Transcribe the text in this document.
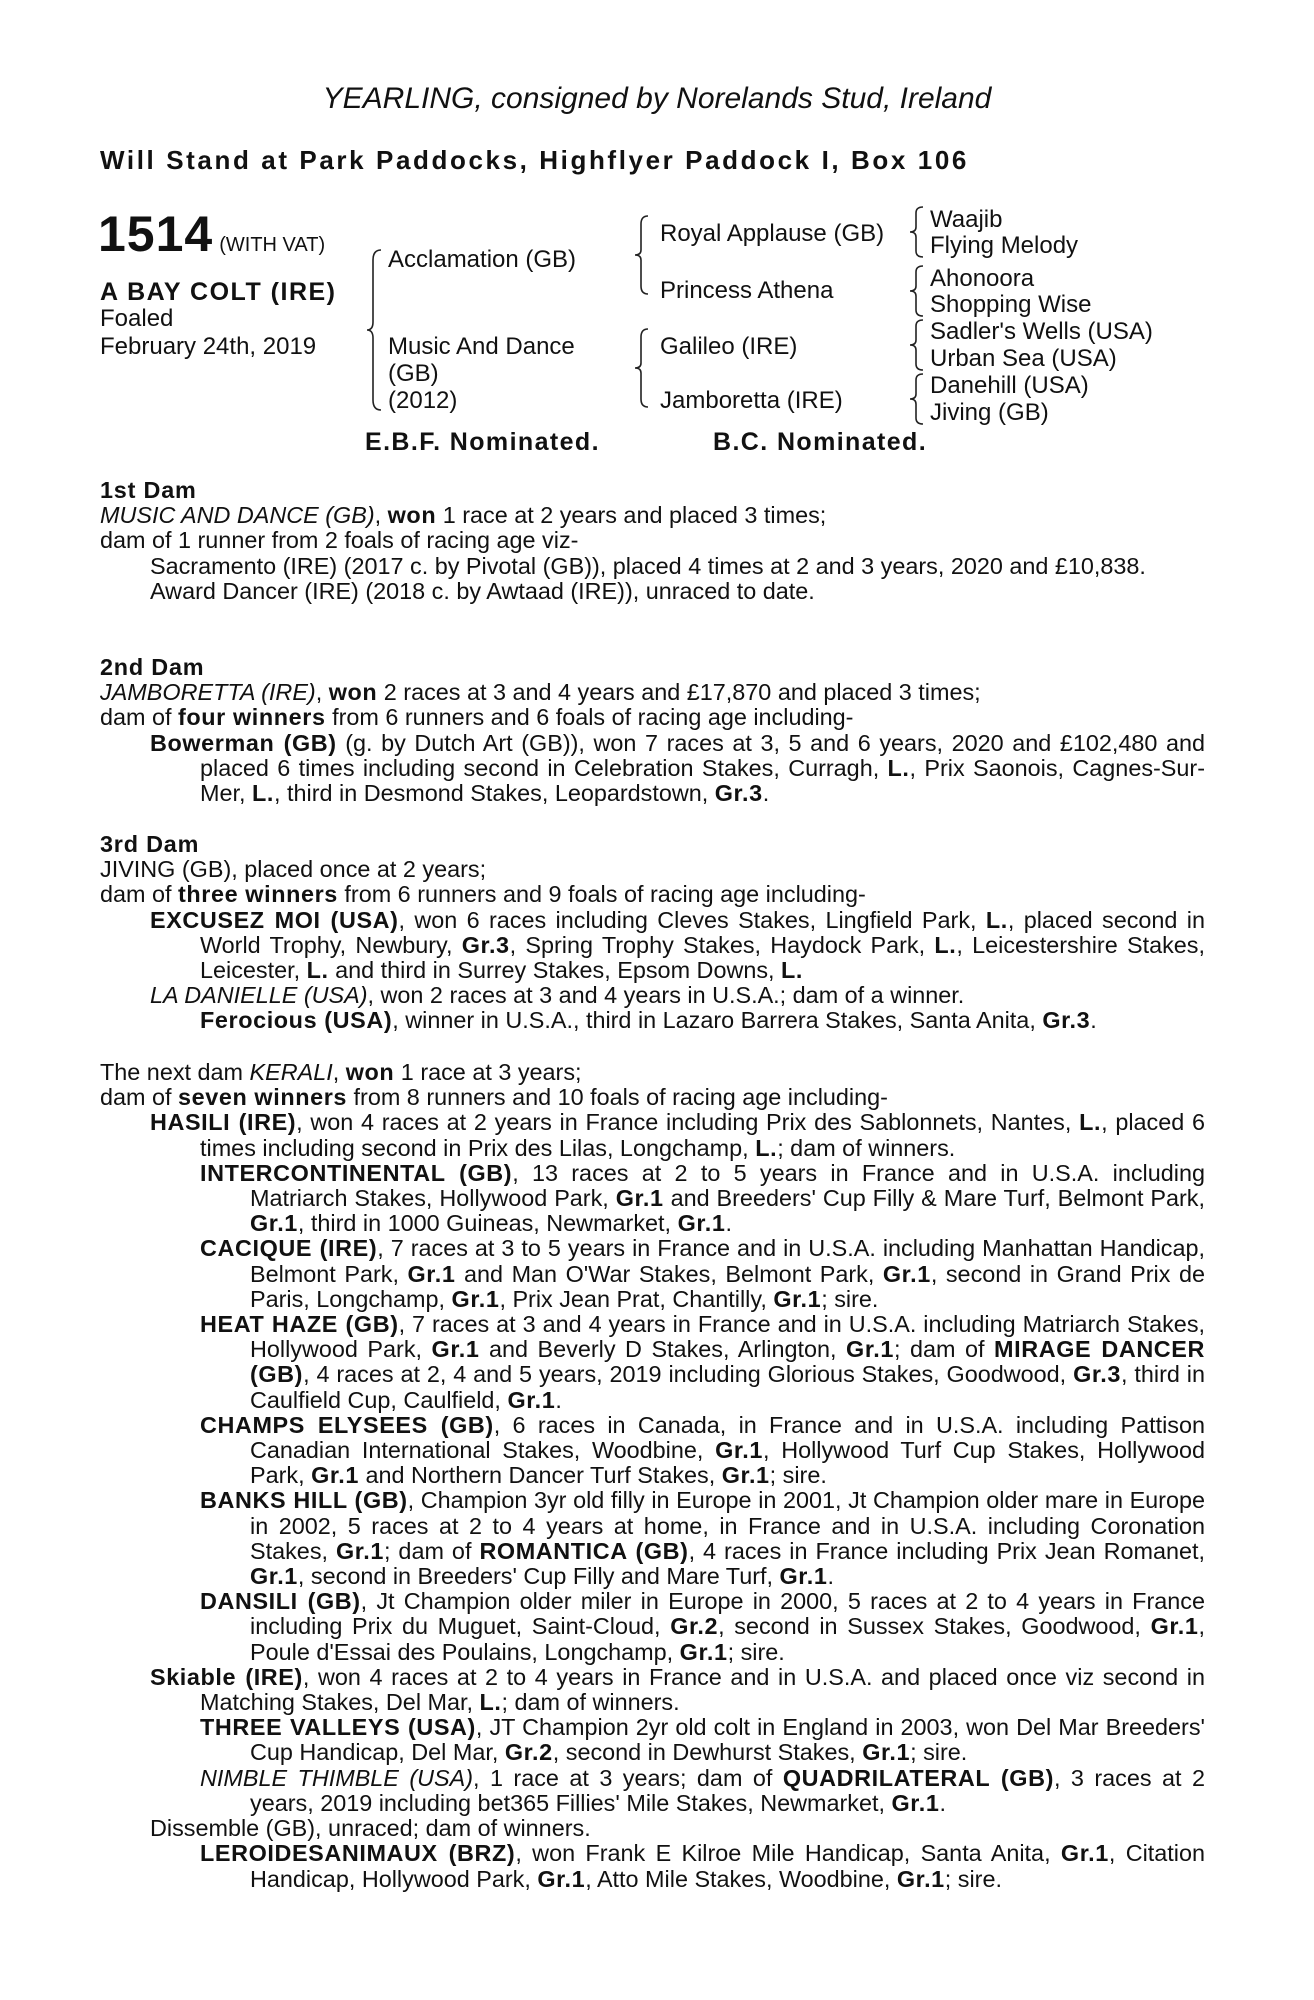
YEARLING, consigned by Norelands Stud, Ireland
Will Stand at Park Paddocks, Highflyer Paddock I, Box 106
1514 (WITH VAT)
A BAY COLT (IRE)
Foaled
February 24th, 2019
Acclamation (GB)
Music And Dance
(GB)
(2012)
Royal Applause (GB)
Princess Athena
Galileo (IRE)
Jamboretta (IRE)
Waajib
Flying Melody
Ahonoora
Shopping Wise
Sadler's Wells (USA)
Urban Sea (USA)
Danehill (USA)
Jiving (GB)
E.B.F. Nominated.	B.C. Nominated.

1st Dam

MUSIC AND DANCE (GB), won 1 race at 2 years and placed 3 times;

dam of 1 runner from 2 foals of racing age viz-

Sacramento (IRE) (2017 c. by Pivotal (GB)), placed 4 times at 2 and 3 years, 2020 and £10,838.

Award Dancer (IRE) (2018 c. by Awtaad (IRE)), unraced to date.

2nd Dam

JAMBORETTA (IRE), won 2 races at 3 and 4 years and £17,870 and placed 3 times;

dam of four winners from 6 runners and 6 foals of racing age including-

Bowerman (GB) (g. by Dutch Art (GB)), won 7 races at 3, 5 and 6 years, 2020 and £102,480 and placed 6 times including second in Celebration Stakes, Curragh, L., Prix Saonois, Cagnes-Sur-Mer, L., third in Desmond Stakes, Leopardstown, Gr.3.

3rd Dam

JIVING (GB), placed once at 2 years;

dam of three winners from 6 runners and 9 foals of racing age including-

EXCUSEZ MOI (USA), won 6 races including Cleves Stakes, Lingfield Park, L., placed second in World Trophy, Newbury, Gr.3, Spring Trophy Stakes, Haydock Park, L., Leicestershire Stakes, Leicester, L. and third in Surrey Stakes, Epsom Downs, L.

LA DANIELLE (USA), won 2 races at 3 and 4 years in U.S.A.; dam of a winner.

Ferocious (USA), winner in U.S.A., third in Lazaro Barrera Stakes, Santa Anita, Gr.3.

The next dam KERALI, won 1 race at 3 years;

dam of seven winners from 8 runners and 10 foals of racing age including-

HASILI (IRE), won 4 races at 2 years in France including Prix des Sablonnets, Nantes, L., placed 6 times including second in Prix des Lilas, Longchamp, L.; dam of winners.

INTERCONTINENTAL (GB), 13 races at 2 to 5 years in France and in U.S.A. including Matriarch Stakes, Hollywood Park, Gr.1 and Breeders' Cup Filly & Mare Turf, Belmont Park, Gr.1, third in 1000 Guineas, Newmarket, Gr.1.

CACIQUE (IRE), 7 races at 3 to 5 years in France and in U.S.A. including Manhattan Handicap, Belmont Park, Gr.1 and Man O'War Stakes, Belmont Park, Gr.1, second in Grand Prix de Paris, Longchamp, Gr.1, Prix Jean Prat, Chantilly, Gr.1; sire.

HEAT HAZE (GB), 7 races at 3 and 4 years in France and in U.S.A. including Matriarch Stakes, Hollywood Park, Gr.1 and Beverly D Stakes, Arlington, Gr.1; dam of MIRAGE DANCER (GB), 4 races at 2, 4 and 5 years, 2019 including Glorious Stakes, Goodwood, Gr.3, third in Caulfield Cup, Caulfield, Gr.1.

CHAMPS ELYSEES (GB), 6 races in Canada, in France and in U.S.A. including Pattison Canadian International Stakes, Woodbine, Gr.1, Hollywood Turf Cup Stakes, Hollywood Park, Gr.1 and Northern Dancer Turf Stakes, Gr.1; sire.

BANKS HILL (GB), Champion 3yr old filly in Europe in 2001, Jt Champion older mare in Europe in 2002, 5 races at 2 to 4 years at home, in France and in U.S.A. including Coronation Stakes, Gr.1; dam of ROMANTICA (GB), 4 races in France including Prix Jean Romanet, Gr.1, second in Breeders' Cup Filly and Mare Turf, Gr.1.

DANSILI (GB), Jt Champion older miler in Europe in 2000, 5 races at 2 to 4 years in France including Prix du Muguet, Saint-Cloud, Gr.2, second in Sussex Stakes, Goodwood, Gr.1, Poule d'Essai des Poulains, Longchamp, Gr.1; sire.

Skiable (IRE), won 4 races at 2 to 4 years in France and in U.S.A. and placed once viz second in Matching Stakes, Del Mar, L.; dam of winners.

THREE VALLEYS (USA), JT Champion 2yr old colt in England in 2003, won Del Mar Breeders' Cup Handicap, Del Mar, Gr.2, second in Dewhurst Stakes, Gr.1; sire.

NIMBLE THIMBLE (USA), 1 race at 3 years; dam of QUADRILATERAL (GB), 3 races at 2 years, 2019 including bet365 Fillies' Mile Stakes, Newmarket, Gr.1.

Dissemble (GB), unraced; dam of winners.

LEROIDESANIMAUX (BRZ), won Frank E Kilroe Mile Handicap, Santa Anita, Gr.1, Citation Handicap, Hollywood Park, Gr.1, Atto Mile Stakes, Woodbine, Gr.1; sire.
